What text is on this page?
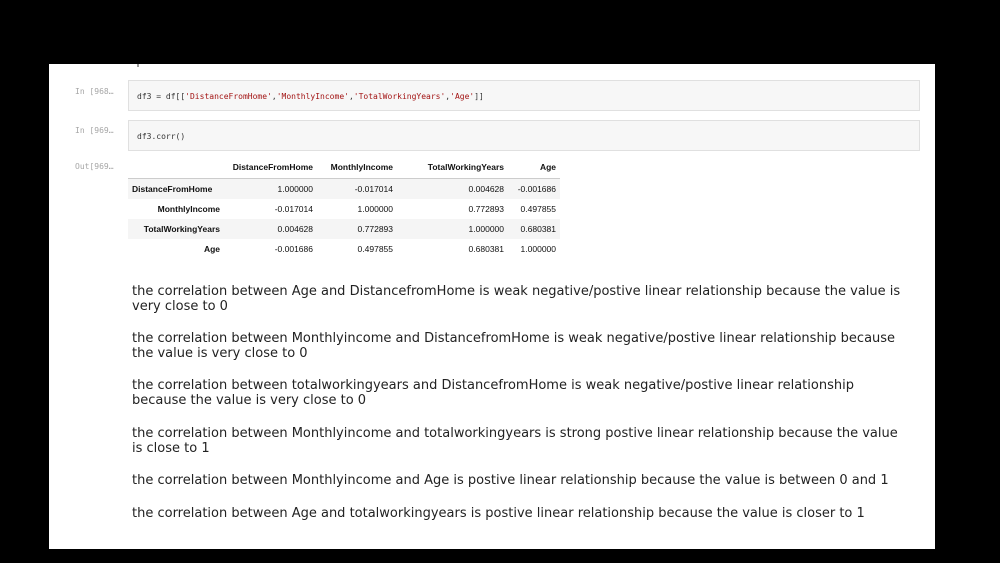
In [968…
df3 = df[['DistanceFromHome','MonthlyIncome','TotalWorkingYears','Age']]
In [969…
df3.corr()
Out[969…
		DistanceFromHome	MonthlyIncome	TotalWorkingYears	Age
DistanceFromHome	1.000000	-0.017014	0.004628	-0.001686
MonthlyIncome	-0.017014	1.000000	0.772893	0.497855
TotalWorkingYears	0.004628	0.772893	1.000000	0.680381
Age	-0.001686	0.497855	0.680381	1.000000

the correlation between Age and DistancefromHome is weak negative/postive linear relationship because the value is very close to 0

the correlation between Monthlyincome and DistancefromHome is weak negative/postive linear relationship because the value is very close to 0

the correlation between totalworkingyears and DistancefromHome is weak negative/postive linear relationship because the value is very close to 0

the correlation between Monthlyincome and totalworkingyears is strong postive linear relationship because the value is close to 1

the correlation between Monthlyincome and Age is postive linear relationship because the value is between 0 and 1

the correlation between Age and totalworkingyears is postive linear relationship because the value is closer to 1
